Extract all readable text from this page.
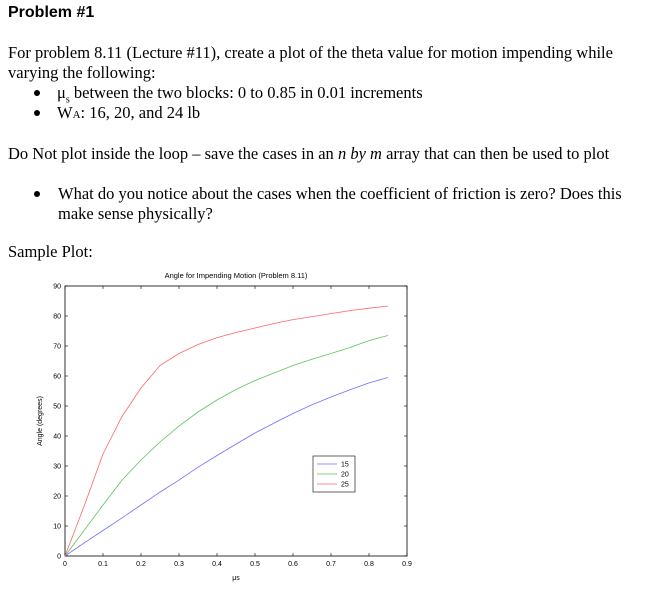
Problem #1
For problem 8.11 (Lecture #11), create a plot of the theta value for motion impending while
varying the following:
$\mu_s$ between the two blocks: 0 to 0.85 in 0.01 increments
WA: 16, 20, and 24 lb
Do Not plot inside the loop – save the cases in an n by m array that can then be used to plot
What do you notice about the cases when the coefficient of friction is zero? Does this
make sense physically?
Sample Plot:
Angle for Impending Motion (Problem 8.11)
0	0.1	0.2	0.3	0.4	0.5	0.6	0.7	0.8	0.9
0
10
20
30
40
50
60
70
80
90
μs
Angle (degrees)
15
20
25
